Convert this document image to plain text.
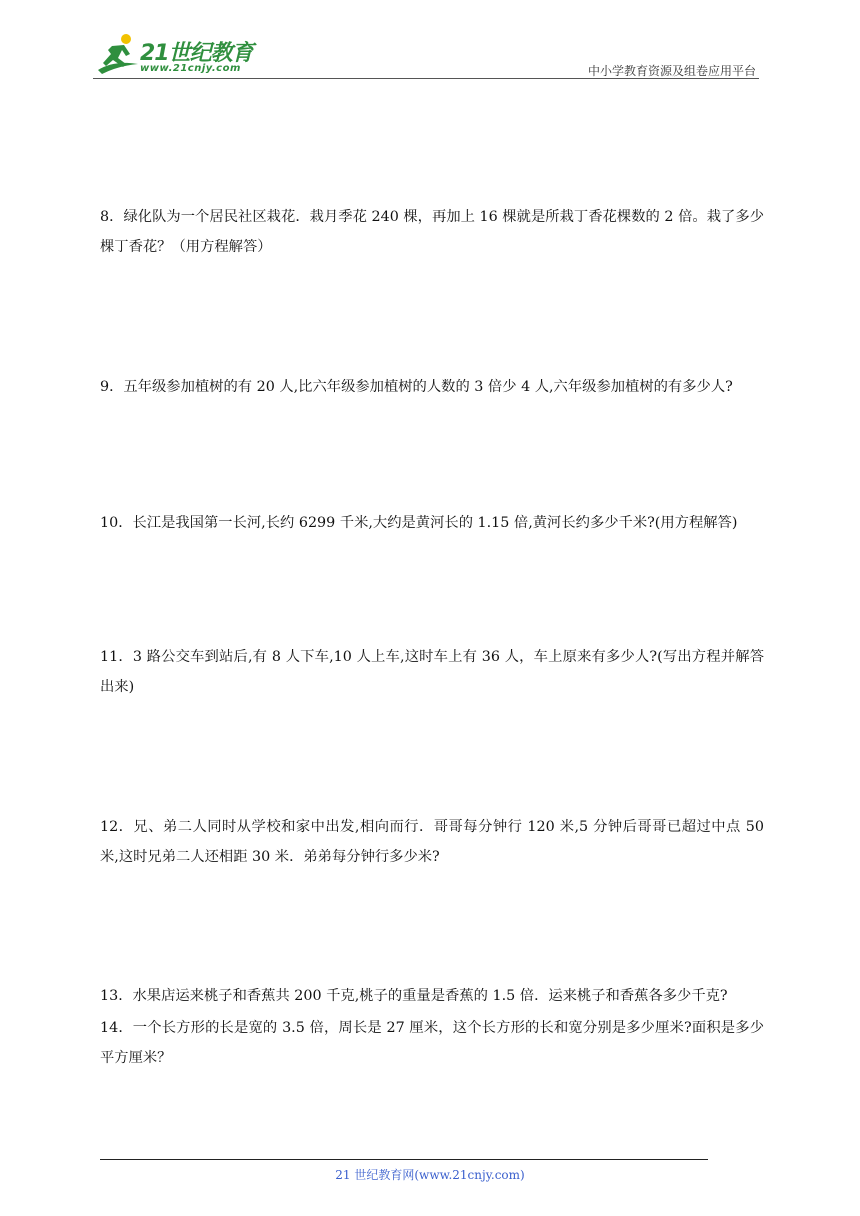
21世纪教育
www.21cnjy.com	中小学教育资源及组卷应用平台
8．绿化队为一个居民社区栽花．栽月季花 240 棵，再加上 16 棵就是所栽丁香花棵数的 2 倍。栽了多少棵丁香花？（用方程解答）
9．五年级参加植树的有 20 人,比六年级参加植树的人数的 3 倍少 4 人,六年级参加植树的有多少人?
10．长江是我国第一长河,长约 6299 千米,大约是黄河长的 1.15 倍,黄河长约多少千米?(用方程解答)
11．3 路公交车到站后,有 8 人下车,10 人上车,这时车上有 36 人，车上原来有多少人?(写出方程并解答出来)
12．兄、弟二人同时从学校和家中出发,相向而行．哥哥每分钟行 120 米,5 分钟后哥哥已超过中点 50 米,这时兄弟二人还相距 30 米．弟弟每分钟行多少米?
13．水果店运来桃子和香蕉共 200 千克,桃子的重量是香蕉的 1.5 倍．运来桃子和香蕉各多少千克?
14．一个长方形的长是宽的 3.5 倍，周长是 27 厘米，这个长方形的长和宽分别是多少厘米?面积是多少平方厘米？
21 世纪教育网(www.21cnjy.com)
